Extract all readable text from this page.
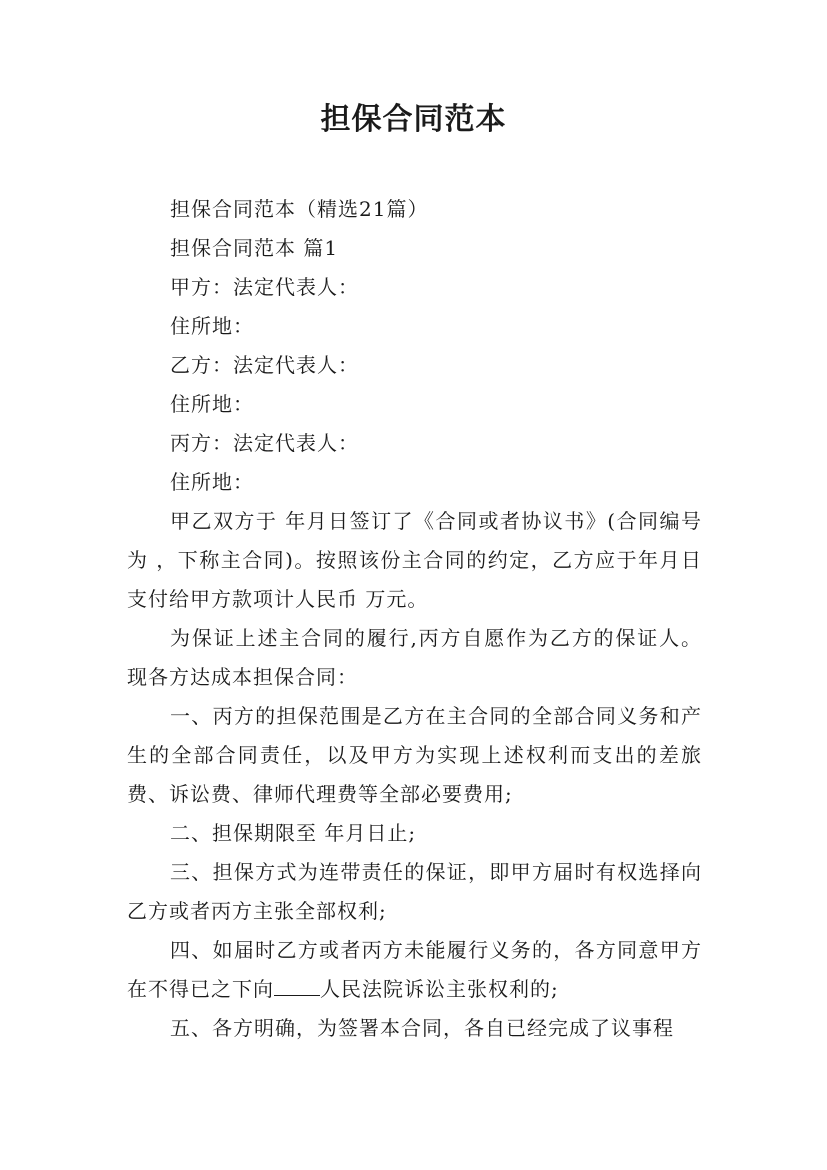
担保合同范本

担保合同范本（精选21篇）

担保合同范本 篇1

甲方：法定代表人：

住所地：

乙方：法定代表人：

住所地：

丙方：法定代表人：

住所地：

甲乙双方于 年月日签订了《合同或者协议书》(合同编号为 ，下称主合同)。按照该份主合同的约定，乙方应于年月日支付给甲方款项计人民币 万元。

为保证上述主合同的履行,丙方自愿作为乙方的保证人。现各方达成本担保合同：

一、丙方的担保范围是乙方在主合同的全部合同义务和产生的全部合同责任，以及甲方为实现上述权利而支出的差旅费、诉讼费、律师代理费等全部必要费用;

二、担保期限至 年月日止;

三、担保方式为连带责任的保证，即甲方届时有权选择向乙方或者丙方主张全部权利;

四、如届时乙方或者丙方未能履行义务的，各方同意甲方在不得已之下向 人民法院诉讼主张权利的;

五、各方明确，为签署本合同，各自已经完成了议事程
